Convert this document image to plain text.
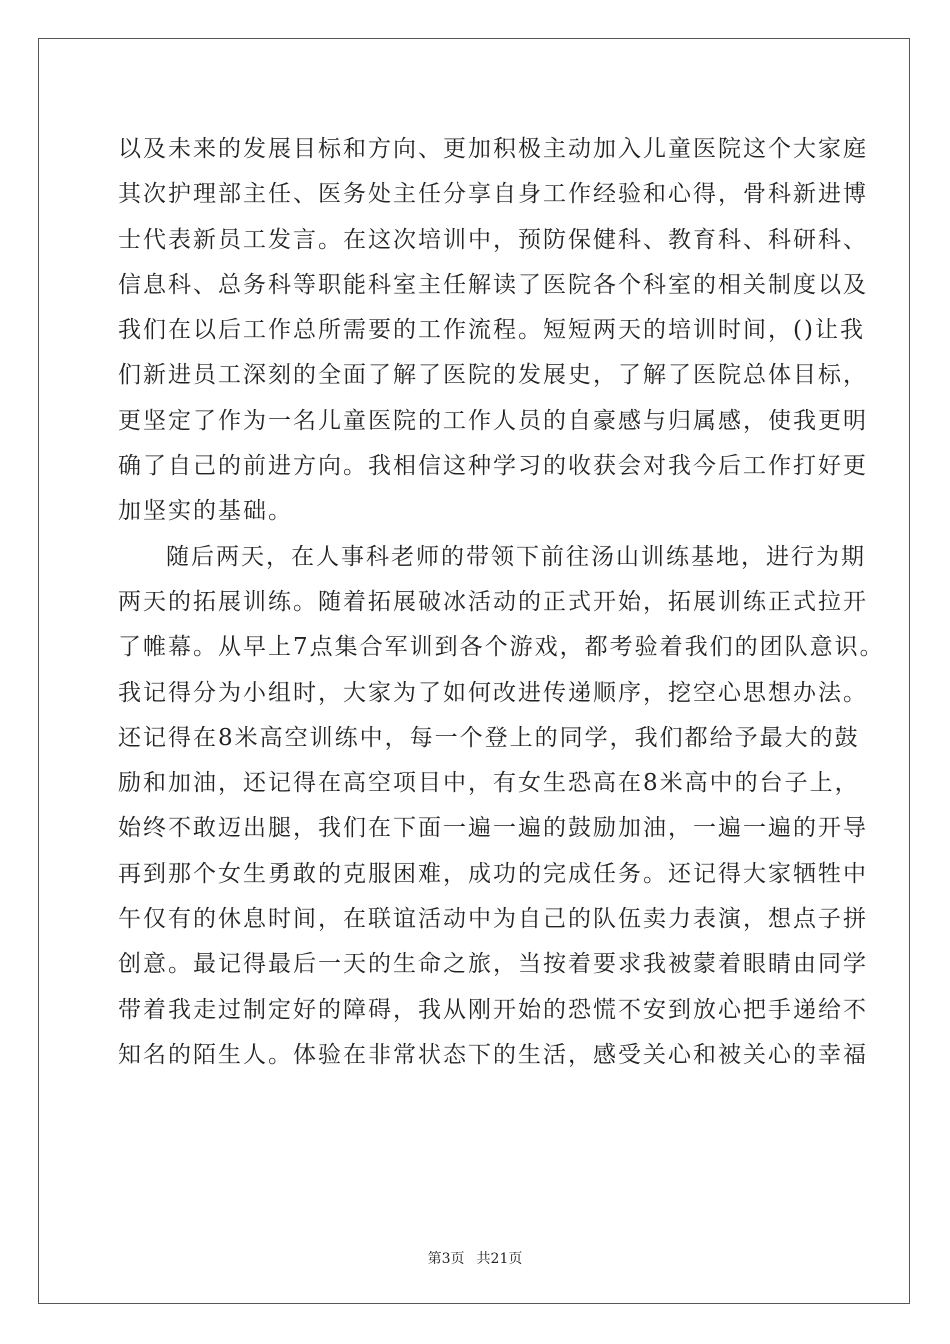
以及未来的发展目标和方向、更加积极主动加入儿童医院这个大家庭
其次护理部主任、医务处主任分享自身工作经验和心得，骨科新进博
士代表新员工发言。在这次培训中，预防保健科、教育科、科研科、
信息科、总务科等职能科室主任解读了医院各个科室的相关制度以及
我们在以后工作总所需要的工作流程。短短两天的培训时间，()让我
们新进员工深刻的全面了解了医院的发展史，了解了医院总体目标，
更坚定了作为一名儿童医院的工作人员的自豪感与归属感，使我更明
确了自己的前进方向。我相信这种学习的收获会对我今后工作打好更
加坚实的基础。
随后两天，在人事科老师的带领下前往汤山训练基地，进行为期
两天的拓展训练。随着拓展破冰活动的正式开始，拓展训练正式拉开
了帷幕。从早上7点集合军训到各个游戏，都考验着我们的团队意识。
我记得分为小组时，大家为了如何改进传递顺序，挖空心思想办法。
还记得在8米高空训练中，每一个登上的同学，我们都给予最大的鼓
励和加油，还记得在高空项目中，有女生恐高在8米高中的台子上，
始终不敢迈出腿，我们在下面一遍一遍的鼓励加油，一遍一遍的开导
再到那个女生勇敢的克服困难，成功的完成任务。还记得大家牺牲中
午仅有的休息时间，在联谊活动中为自己的队伍卖力表演，想点子拼
创意。最记得最后一天的生命之旅，当按着要求我被蒙着眼睛由同学
带着我走过制定好的障碍，我从刚开始的恐慌不安到放心把手递给不
知名的陌生人。体验在非常状态下的生活，感受关心和被关心的幸福
第3页 共21页
